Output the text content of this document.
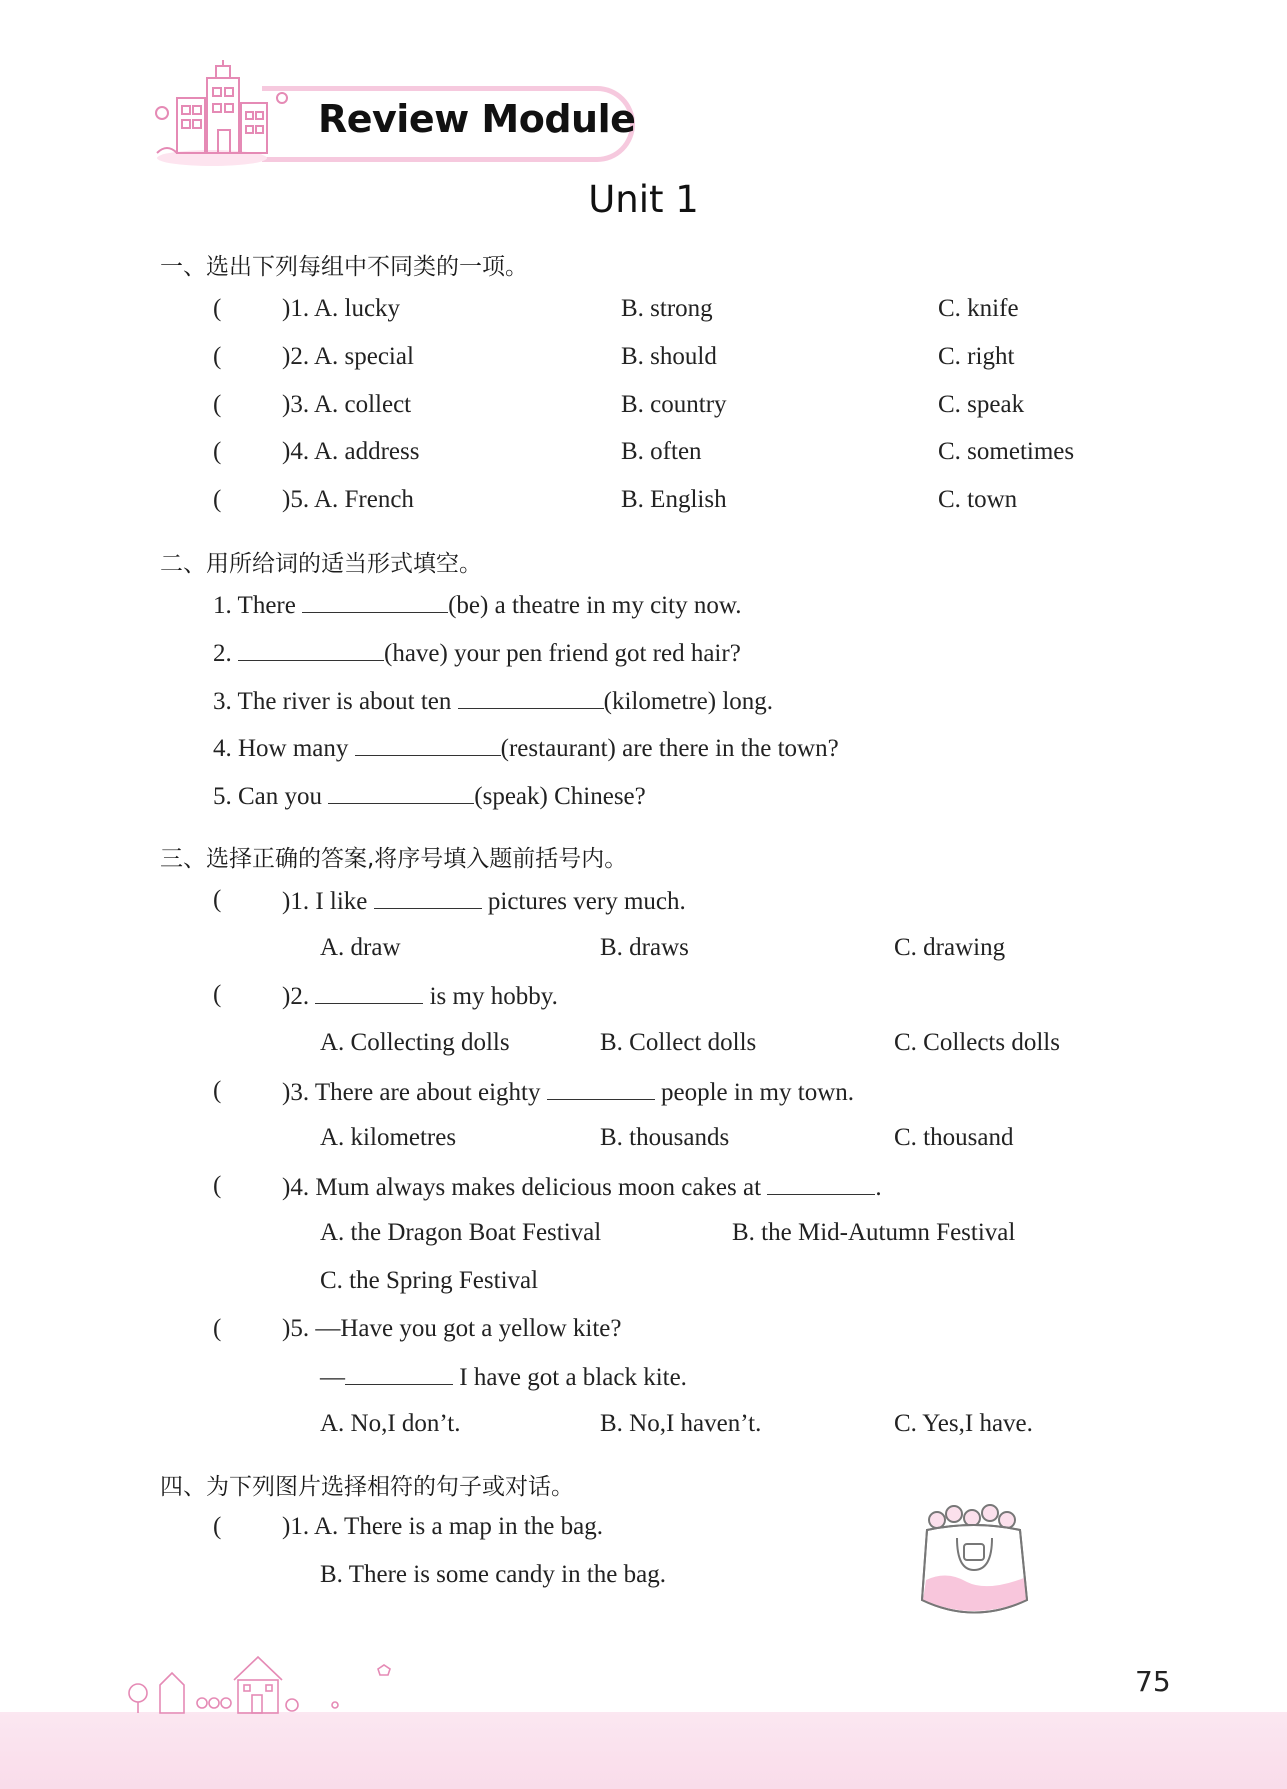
Review Module
Unit 1
一、选出下列每组中不同类的一项。
( )1. A. lucky	B. strong	C. knife
( )2. A. special	B. should	C. right
( )3. A. collect	B. country	C. speak
( )4. A. address	B. often	C. sometimes
( )5. A. French	B. English	C. town
二、用所给词的适当形式填空。
1. There	(be) a theatre in my city now.
2.	(have) your pen friend got red hair?
3. The river is about ten	(kilometre) long.
4. How many	(restaurant) are there in the town?
5. Can you	(speak) Chinese?
三、选择正确的答案,将序号填入题前括号内。
( )1. I like	pictures very much.
A. draw	B. draws	C. drawing
( )2.	is my hobby.
A. Collecting dolls	B. Collect dolls	C. Collects dolls
( )3. There are about eighty	people in my town.
A. kilometres	B. thousands	C. thousand
( )4. Mum always makes delicious moon cakes at	.
A. the Dragon Boat Festival	B. the Mid-Autumn Festival
C. the Spring Festival
( )5. —Have you got a yellow kite?
—	I have got a black kite.
A. No,I don’t.	B. No,I haven’t.	C. Yes,I have.
四、为下列图片选择相符的句子或对话。
( )1. A. There is a map in the bag.
B. There is some candy in the bag.
75
